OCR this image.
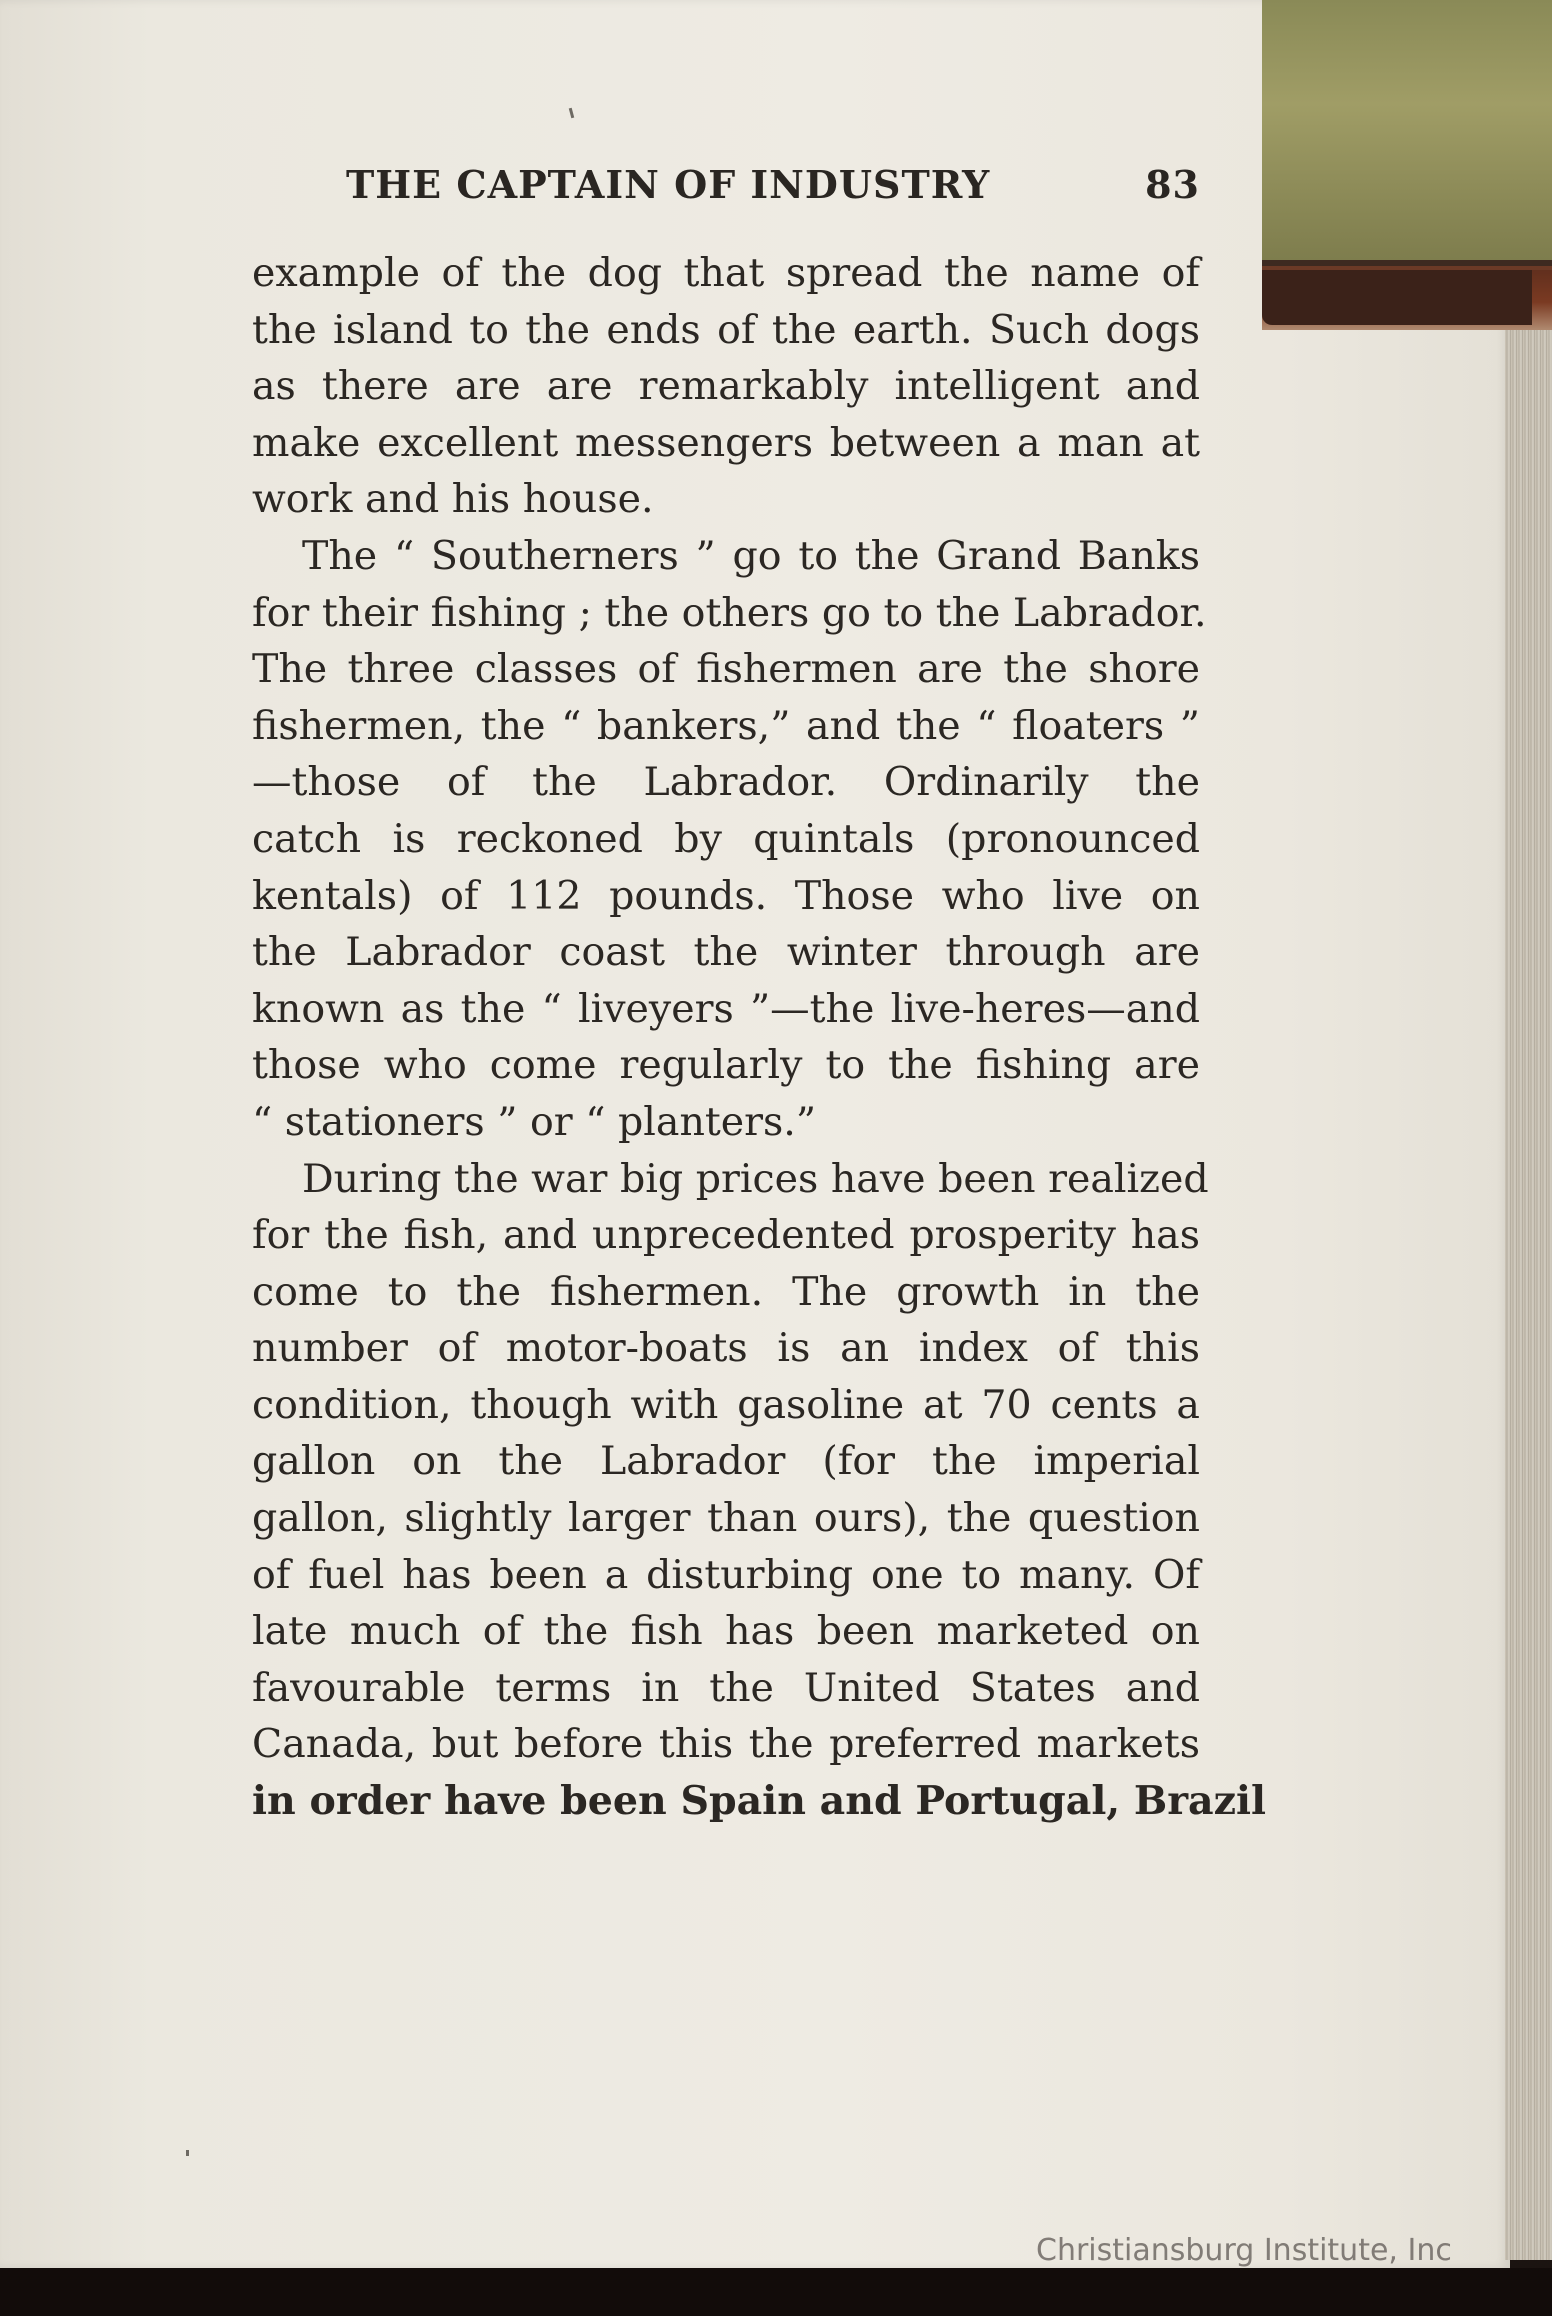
THE CAPTAIN OF INDUSTRY	83
example of the dog that spread the name of
the island to the ends of the earth. Such dogs
as there are are remarkably intelligent and
make excellent messengers between a man at
work and his house.
The “ Southerners ” go to the Grand Banks
for their fishing ; the others go to the Labrador.
The three classes of fishermen are the shore
fishermen, the “ bankers,” and the “ floaters ”
—those of the Labrador. Ordinarily the
catch is reckoned by quintals (pronounced
kentals) of 112 pounds. Those who live on
the Labrador coast the winter through are
known as the “ liveyers ”—the live-heres—and
those who come regularly to the fishing are
“ stationers ” or “ planters.”
During the war big prices have been realized
for the fish, and unprecedented prosperity has
come to the fishermen. The growth in the
number of motor-boats is an index of this
condition, though with gasoline at 70 cents a
gallon on the Labrador (for the imperial
gallon, slightly larger than ours), the question
of fuel has been a disturbing one to many. Of
late much of the fish has been marketed on
favourable terms in the United States and
Canada, but before this the preferred markets
in order have been Spain and Portugal, Brazil
Christiansburg Institute, Inc
